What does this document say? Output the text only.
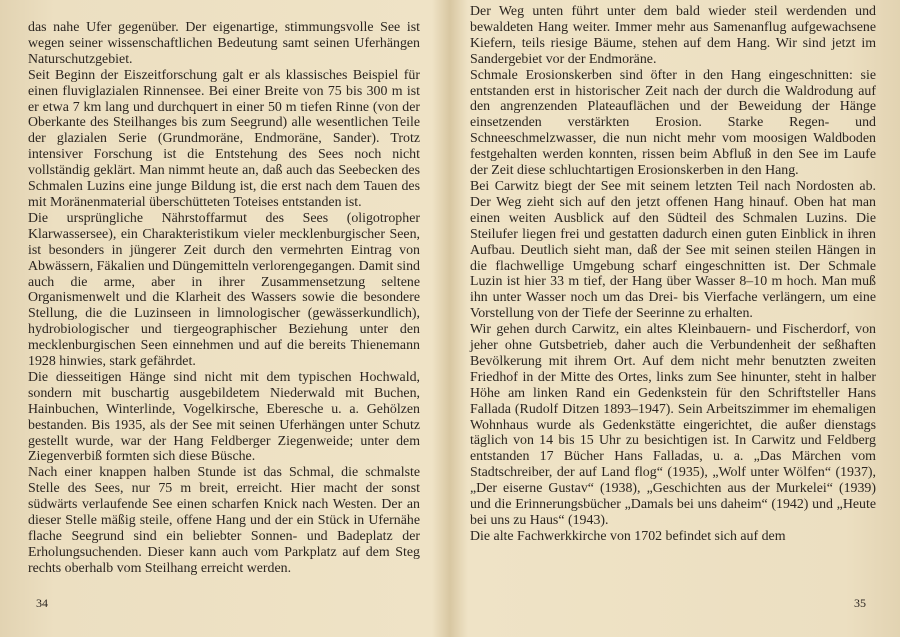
das nahe Ufer gegenüber. Der eigenartige, stimmungsvolle See ist wegen seiner wissenschaftlichen Bedeutung samt seinen Uferhängen Naturschutzgebiet.

Seit Beginn der Eiszeitforschung galt er als klassisches Beispiel für einen fluviglazialen Rinnensee. Bei einer Breite von 75 bis 300 m ist er etwa 7 km lang und durchquert in einer 50 m tiefen Rinne (von der Oberkante des Steilhanges bis zum Seegrund) alle wesentlichen Teile der glazialen Serie (Grundmoräne, Endmoräne, Sander). Trotz intensiver Forschung ist die Entstehung des Sees noch nicht vollständig geklärt. Man nimmt heute an, daß auch das Seebecken des Schmalen Luzins eine junge Bildung ist, die erst nach dem Tauen des mit Moränenmaterial überschütteten Toteises entstanden ist.

Die ursprüngliche Nährstoffarmut des Sees (oligotropher Klarwassersee), ein Charakteristikum vieler mecklenburgischer Seen, ist besonders in jüngerer Zeit durch den vermehrten Eintrag von Abwässern, Fäkalien und Düngemitteln verlorengegangen. Damit sind auch die arme, aber in ihrer Zusammensetzung seltene Organismenwelt und die Klarheit des Wassers sowie die besondere Stellung, die die Luzinseen in limnologischer (gewässerkundlich), hydrobiologischer und tiergeographischer Beziehung unter den mecklenburgischen Seen einnehmen und auf die bereits Thienemann 1928 hinwies, stark gefährdet.

Die diesseitigen Hänge sind nicht mit dem typischen Hochwald, sondern mit buschartig ausgebildetem Niederwald mit Buchen, Hainbuchen, Winterlinde, Vogelkirsche, Eberesche u. a. Gehölzen bestanden. Bis 1935, als der See mit seinen Uferhängen unter Schutz gestellt wurde, war der Hang Feldberger Ziegenweide; unter dem Ziegenverbiß formten sich diese Büsche.

Nach einer knappen halben Stunde ist das Schmal, die schmalste Stelle des Sees, nur 75 m breit, erreicht. Hier macht der sonst südwärts verlaufende See einen scharfen Knick nach Westen. Der an dieser Stelle mäßig steile, offene Hang und der ein Stück in Ufernähe flache Seegrund sind ein beliebter Sonnen- und Badeplatz der Erholungsuchenden. Dieser kann auch vom Parkplatz auf dem Steg rechts oberhalb vom Steilhang erreicht werden.

34

Der Weg unten führt unter dem bald wieder steil werdenden und bewaldeten Hang weiter. Immer mehr aus Samenanflug aufgewachsene Kiefern, teils riesige Bäume, stehen auf dem Hang. Wir sind jetzt im Sandergebiet vor der Endmoräne.

Schmale Erosionskerben sind öfter in den Hang eingeschnitten: sie entstanden erst in historischer Zeit nach der durch die Waldrodung auf den angrenzenden Plateauflächen und der Beweidung der Hänge einsetzenden verstärkten Erosion. Starke Regen- und Schneeschmelzwasser, die nun nicht mehr vom moosigen Waldboden festgehalten werden konnten, rissen beim Abfluß in den See im Laufe der Zeit diese schluchtartigen Erosionskerben in den Hang.

Bei Carwitz biegt der See mit seinem letzten Teil nach Nordosten ab. Der Weg zieht sich auf den jetzt offenen Hang hinauf. Oben hat man einen weiten Ausblick auf den Südteil des Schmalen Luzins. Die Steilufer liegen frei und gestatten dadurch einen guten Einblick in ihren Aufbau. Deutlich sieht man, daß der See mit seinen steilen Hängen in die flachwellige Umgebung scharf eingeschnitten ist. Der Schmale Luzin ist hier 33 m tief, der Hang über Wasser 8–10 m hoch. Man muß ihn unter Wasser noch um das Drei- bis Vierfache verlängern, um eine Vorstellung von der Tiefe der Seerinne zu erhalten.

Wir gehen durch Carwitz, ein altes Kleinbauern- und Fischerdorf, von jeher ohne Gutsbetrieb, daher auch die Verbundenheit der seßhaften Bevölkerung mit ihrem Ort. Auf dem nicht mehr benutzten zweiten Friedhof in der Mitte des Ortes, links zum See hinunter, steht in halber Höhe am linken Rand ein Gedenkstein für den Schriftsteller Hans Fallada (Rudolf Ditzen 1893–1947). Sein Arbeitszimmer im ehemaligen Wohnhaus wurde als Gedenkstätte eingerichtet, die außer dienstags täglich von 14 bis 15 Uhr zu besichtigen ist. In Carwitz und Feldberg entstanden 17 Bücher Hans Falladas, u. a. „Das Märchen vom Stadtschreiber, der auf Land flog“ (1935), „Wolf unter Wölfen“ (1937), „Der eiserne Gustav“ (1938), „Geschichten aus der Murkelei“ (1939) und die Erinnerungsbücher „Damals bei uns daheim“ (1942) und „Heute bei uns zu Haus“ (1943).

Die alte Fachwerkkirche von 1702 befindet sich auf dem

35
